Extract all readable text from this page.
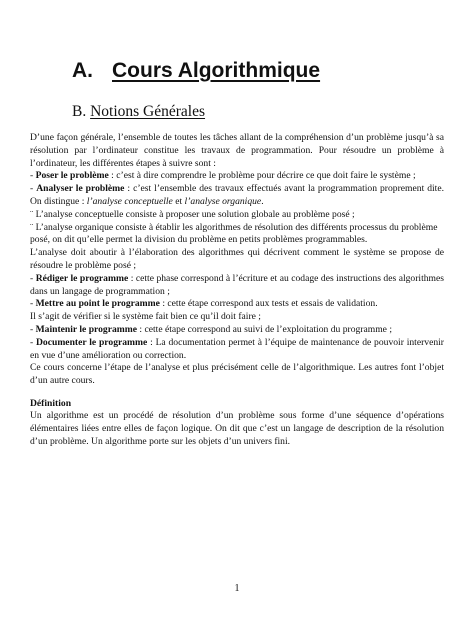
A. Cours Algorithmique
B. Notions Générales

D’une façon générale, l’ensemble de toutes les tâches allant de la compréhension d’un problème jusqu’à sa résolution par l’ordinateur constitue les travaux de programmation. Pour résoudre un problème à l’ordinateur, les différentes étapes à suivre sont :

- Poser le problème : c’est à dire comprendre le problème pour décrire ce que doit faire le système ;

- Analyser le problème : c’est l’ensemble des travaux effectués avant la programmation proprement dite. On distingue : l’analyse conceptuelle et l’analyse organique.

¨ L’analyse conceptuelle consiste à proposer une solution globale au problème posé ;

¨ L’analyse organique consiste à établir les algorithmes de résolution des différents processus du problème posé, on dit qu’elle permet la division du problème en petits problèmes programmables.

L’analyse doit aboutir à l’élaboration des algorithmes qui décrivent comment le système se propose de résoudre le problème posé ;

- Rédiger le programme : cette phase correspond à l’écriture et au codage des instructions des algorithmes dans un langage de programmation ;

- Mettre au point le programme : cette étape correspond aux tests et essais de validation.

Il s’agit de vérifier si le système fait bien ce qu’il doit faire ;

- Maintenir le programme : cette étape correspond au suivi de l’exploitation du programme ;

- Documenter le programme : La documentation permet à l’équipe de maintenance de pouvoir intervenir en vue d’une amélioration ou correction.

Ce cours concerne l’étape de l’analyse et plus précisément celle de l’algorithmique. Les autres font l’objet d’un autre cours.

Définition

Un algorithme est un procédé de résolution d’un problème sous forme d’une séquence d’opérations élémentaires liées entre elles de façon logique. On dit que c’est un langage de description de la résolution d’un problème. Un algorithme porte sur les objets d’un univers fini.

1
